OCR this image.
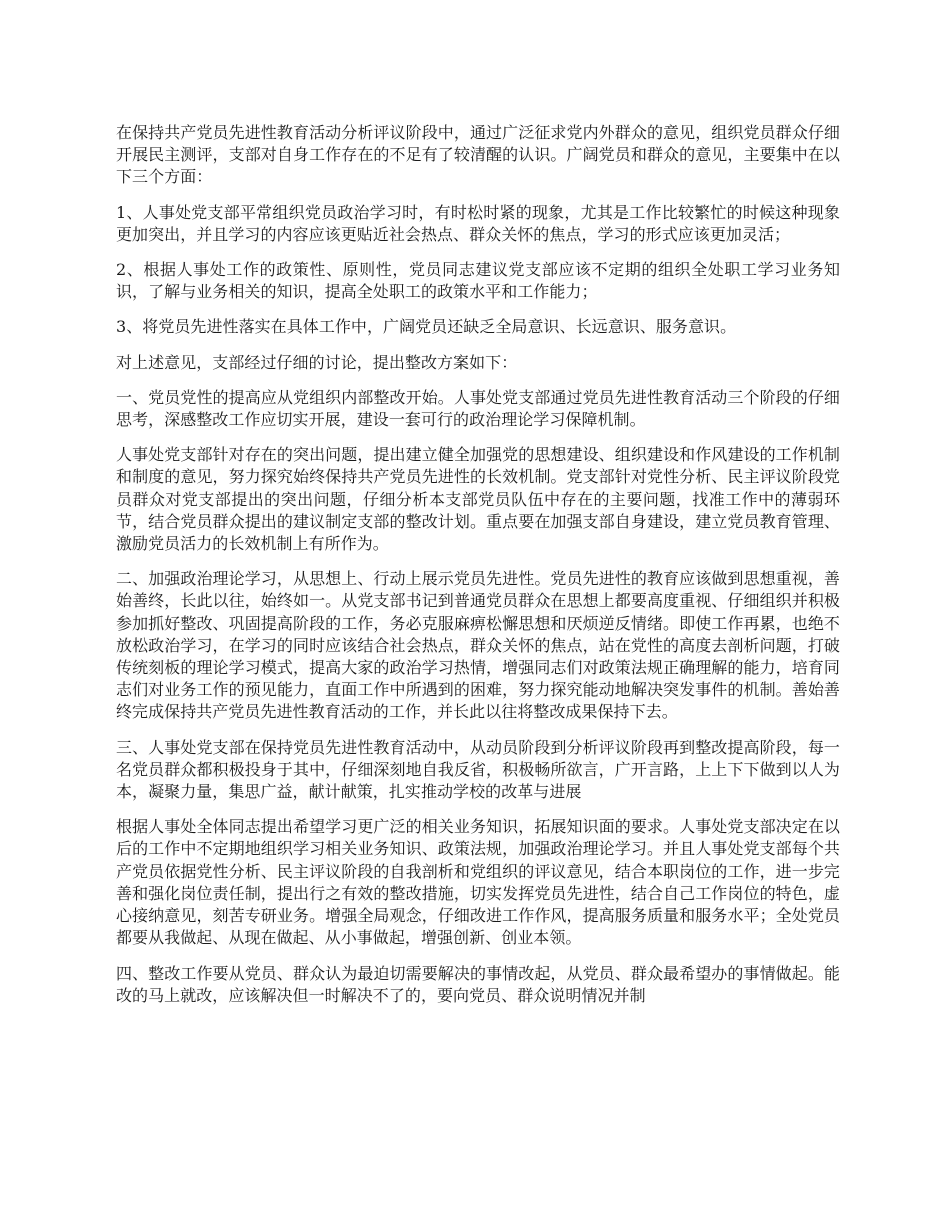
在保持共产党员先进性教育活动分析评议阶段中，通过广泛征求党内外群众的意见，组织党员群众仔细开展民主测评，支部对自身工作存在的不足有了较清醒的认识。广阔党员和群众的意见，主要集中在以下三个方面：

1、人事处党支部平常组织党员政治学习时，有时松时紧的现象，尤其是工作比较繁忙的时候这种现象更加突出，并且学习的内容应该更贴近社会热点、群众关怀的焦点，学习的形式应该更加灵活；

2、根据人事处工作的政策性、原则性，党员同志建议党支部应该不定期的组织全处职工学习业务知识，了解与业务相关的知识，提高全处职工的政策水平和工作能力；

3、将党员先进性落实在具体工作中，广阔党员还缺乏全局意识、长远意识、服务意识。

对上述意见，支部经过仔细的讨论，提出整改方案如下：

一、党员党性的提高应从党组织内部整改开始。人事处党支部通过党员先进性教育活动三个阶段的仔细思考，深感整改工作应切实开展，建设一套可行的政治理论学习保障机制。

人事处党支部针对存在的突出问题，提出建立健全加强党的思想建设、组织建设和作风建设的工作机制和制度的意见，努力探究始终保持共产党员先进性的长效机制。党支部针对党性分析、民主评议阶段党员群众对党支部提出的突出问题，仔细分析本支部党员队伍中存在的主要问题，找准工作中的薄弱环节，结合党员群众提出的建议制定支部的整改计划。重点要在加强支部自身建设，建立党员教育管理、激励党员活力的长效机制上有所作为。

二、加强政治理论学习，从思想上、行动上展示党员先进性。党员先进性的教育应该做到思想重视，善始善终，长此以往，始终如一。从党支部书记到普通党员群众在思想上都要高度重视、仔细组织并积极参加抓好整改、巩固提高阶段的工作，务必克服麻痹松懈思想和厌烦逆反情绪。即使工作再累，也绝不放松政治学习，在学习的同时应该结合社会热点，群众关怀的焦点，站在党性的高度去剖析问题，打破传统刻板的理论学习模式，提高大家的政治学习热情，增强同志们对政策法规正确理解的能力，培育同志们对业务工作的预见能力，直面工作中所遇到的困难，努力探究能动地解决突发事件的机制。善始善终完成保持共产党员先进性教育活动的工作，并长此以往将整改成果保持下去。

三、人事处党支部在保持党员先进性教育活动中，从动员阶段到分析评议阶段再到整改提高阶段，每一名党员群众都积极投身于其中，仔细深刻地自我反省，积极畅所欲言，广开言路，上上下下做到以人为本，凝聚力量，集思广益，献计献策，扎实推动学校的改革与进展

根据人事处全体同志提出希望学习更广泛的相关业务知识，拓展知识面的要求。人事处党支部决定在以后的工作中不定期地组织学习相关业务知识、政策法规，加强政治理论学习。并且人事处党支部每个共产党员依据党性分析、民主评议阶段的自我剖析和党组织的评议意见，结合本职岗位的工作，进一步完善和强化岗位责任制，提出行之有效的整改措施，切实发挥党员先进性，结合自己工作岗位的特色，虚心接纳意见，刻苦专研业务。增强全局观念，仔细改进工作作风，提高服务质量和服务水平；全处党员都要从我做起、从现在做起、从小事做起，增强创新、创业本领。

四、整改工作要从党员、群众认为最迫切需要解决的事情改起，从党员、群众最希望办的事情做起。能改的马上就改，应该解决但一时解决不了的，要向党员、群众说明情况并制
